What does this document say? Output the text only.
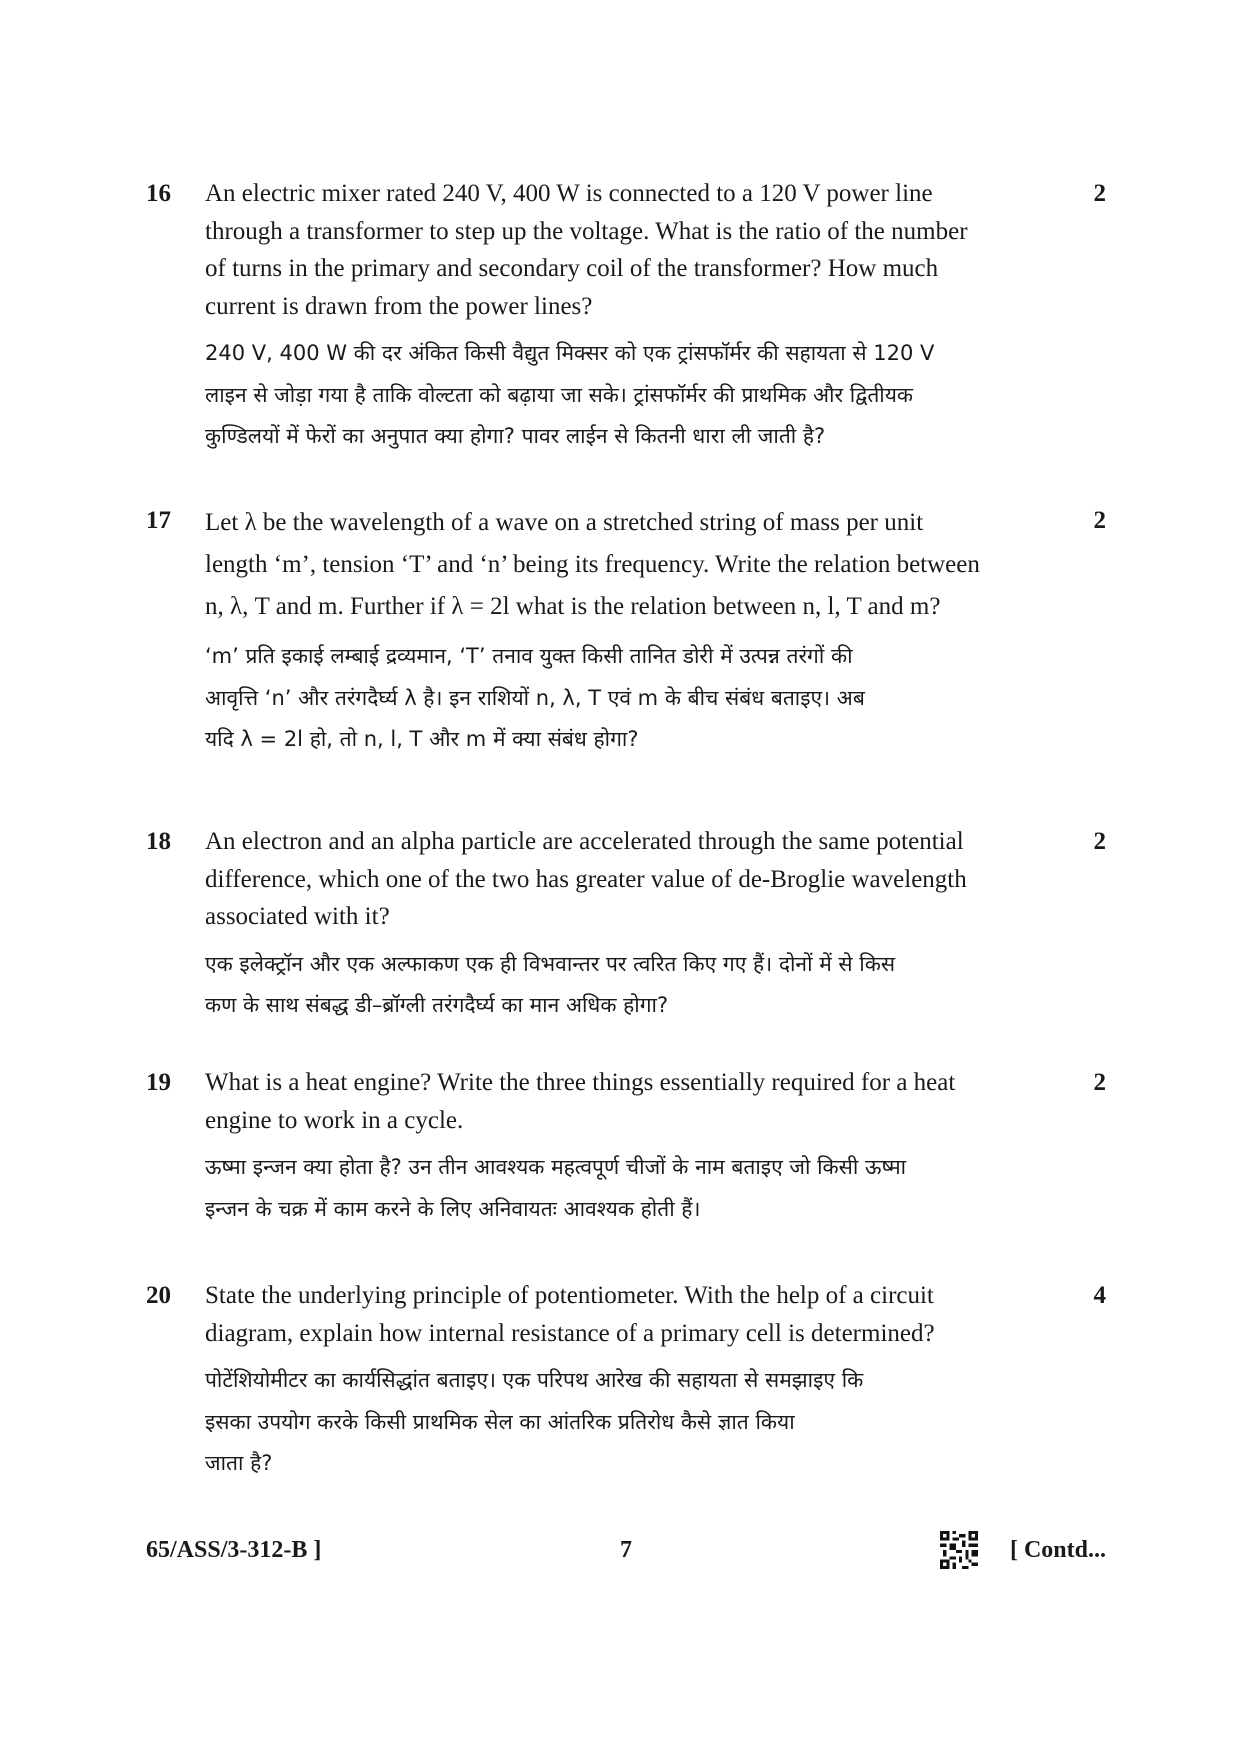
16	2
An electric mixer rated 240 V, 400 W is connected to a 120 V power line
through a transformer to step up the voltage. What is the ratio of the number
of turns in the primary and secondary coil of the transformer? How much
current is drawn from the power lines?
240 V, 400 W की दर अंकित किसी वैद्युत मिक्सर को एक ट्रांसफॉर्मर की सहायता से 120 V
लाइन से जोड़ा गया है ताकि वोल्टता को बढ़ाया जा सके। ट्रांसफॉर्मर की प्राथमिक और द्वितीयक
कुण्डिलयों में फेरों का अनुपात क्या होगा? पावर लाईन से कितनी धारा ली जाती है?
17	2
Let λ be the wavelength of a wave on a stretched string of mass per unit
length ‘m’, tension ‘T’ and ‘n’ being its frequency. Write the relation between
n, λ, T and m. Further if λ = 2l what is the relation between n, l, T and m?
‘m’ प्रति इकाई लम्बाई द्रव्यमान, ‘T’ तनाव युक्त किसी तानित डोरी में उत्पन्न तरंगों की
आवृत्ति ‘n’ और तरंगदैर्घ्य λ है। इन राशियों n, λ, T एवं m के बीच संबंध बताइए। अब
यदि λ = 2l हो, तो n, l, T और m में क्या संबंध होगा?
18	2
An electron and an alpha particle are accelerated through the same potential
difference, which one of the two has greater value of de-Broglie wavelength
associated with it?
एक इलेक्ट्रॉन और एक अल्फाकण एक ही विभवान्तर पर त्वरित किए गए हैं। दोनों में से किस
कण के साथ संबद्ध डी–ब्रॉग्ली तरंगदैर्घ्य का मान अधिक होगा?
19	2
What is a heat engine? Write the three things essentially required for a heat
engine to work in a cycle.
ऊष्मा इन्जन क्या होता है? उन तीन आवश्यक महत्वपूर्ण चीजों के नाम बताइए जो किसी ऊष्मा
इन्जन के चक्र में काम करने के लिए अनिवायतः आवश्यक होती हैं।
20	4
State the underlying principle of potentiometer. With the help of a circuit
diagram, explain how internal resistance of a primary cell is determined?
पोटेंशियोमीटर का कार्यसिद्धांत बताइए। एक परिपथ आरेख की सहायता से समझाइए कि
इसका उपयोग करके किसी प्राथमिक सेल का आंतरिक प्रतिरोध कैसे ज्ञात किया
जाता है?
65/ASS/3-312-B ]	7	[ Contd...
